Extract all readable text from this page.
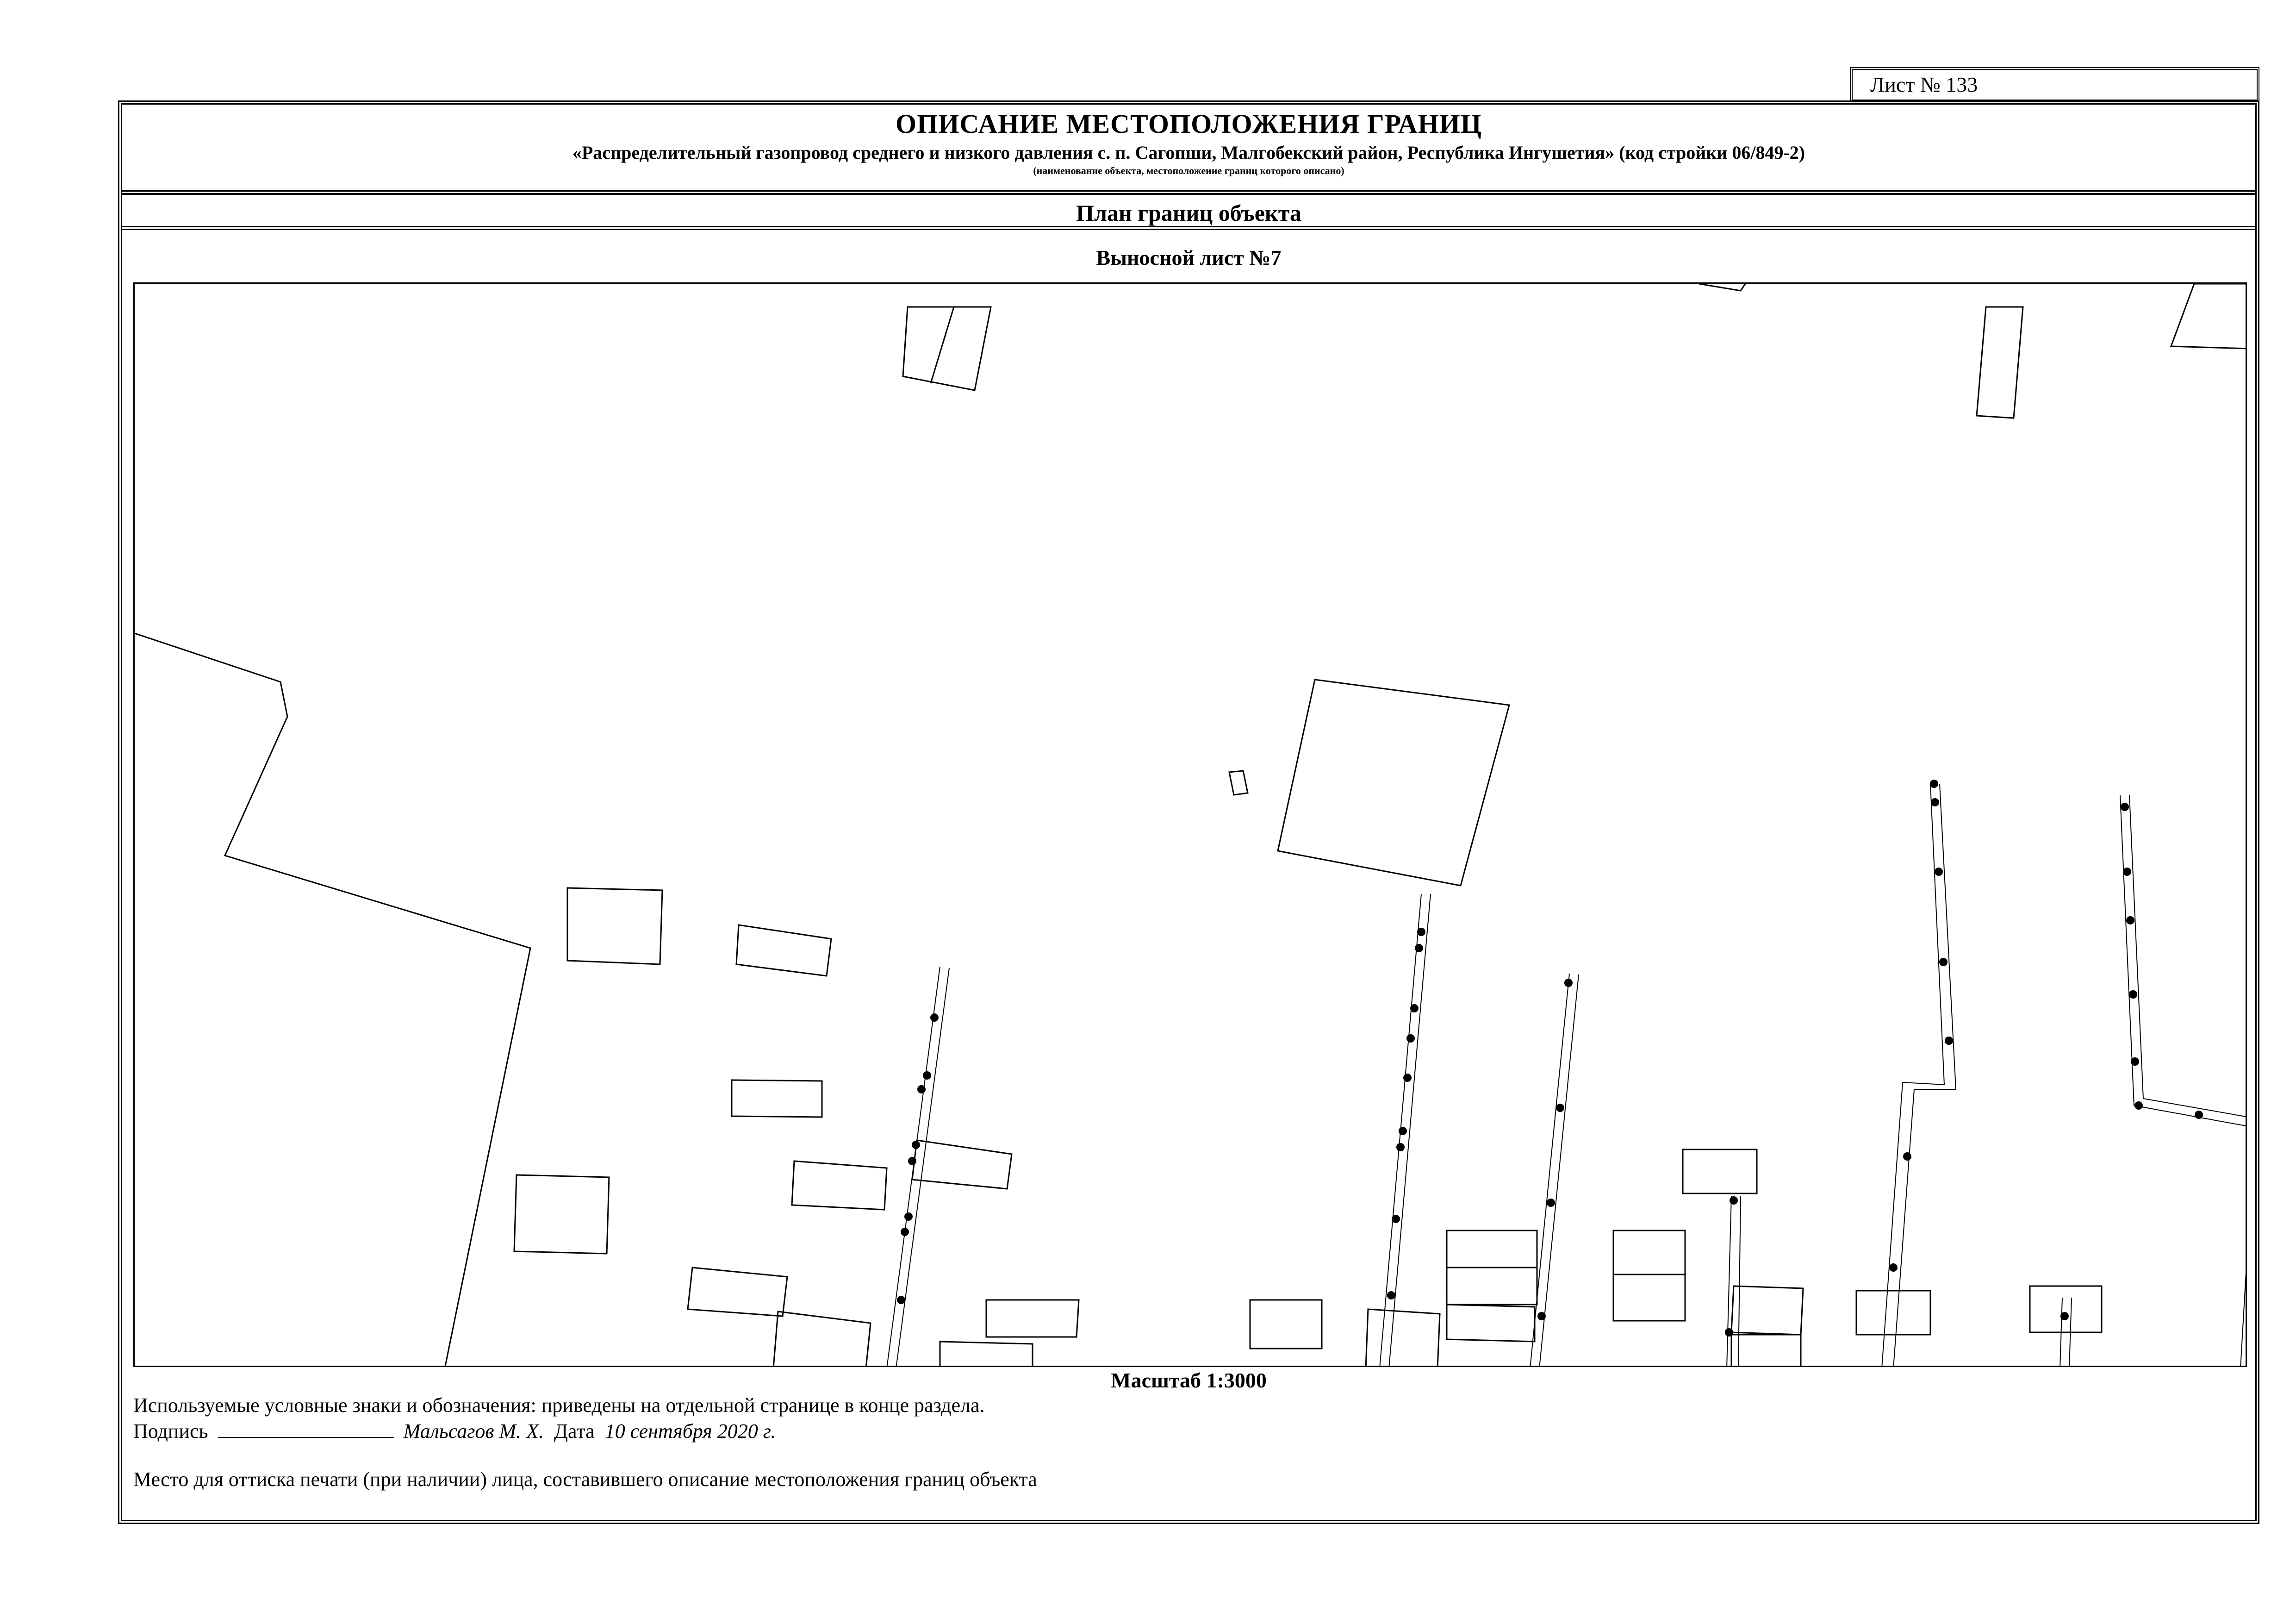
Лист № 133
ОПИСАНИЕ МЕСТОПОЛОЖЕНИЯ ГРАНИЦ
«Распределительный газопровод среднего и низкого давления с. п. Сагопши, Малгобекский район, Республика Ингушетия» (код стройки 06/849-2)
(наименование объекта, местоположение границ которого описано)
План границ объекта
Выносной лист №7
Масштаб 1:3000
Используемые условные знаки и обозначения: приведены на отдельной странице в конце раздела.
Подпись	Мальсагов М. Х. Дата 10 сентября 2020 г.
Место для оттиска печати (при наличии) лица, составившего описание местоположения границ объекта
